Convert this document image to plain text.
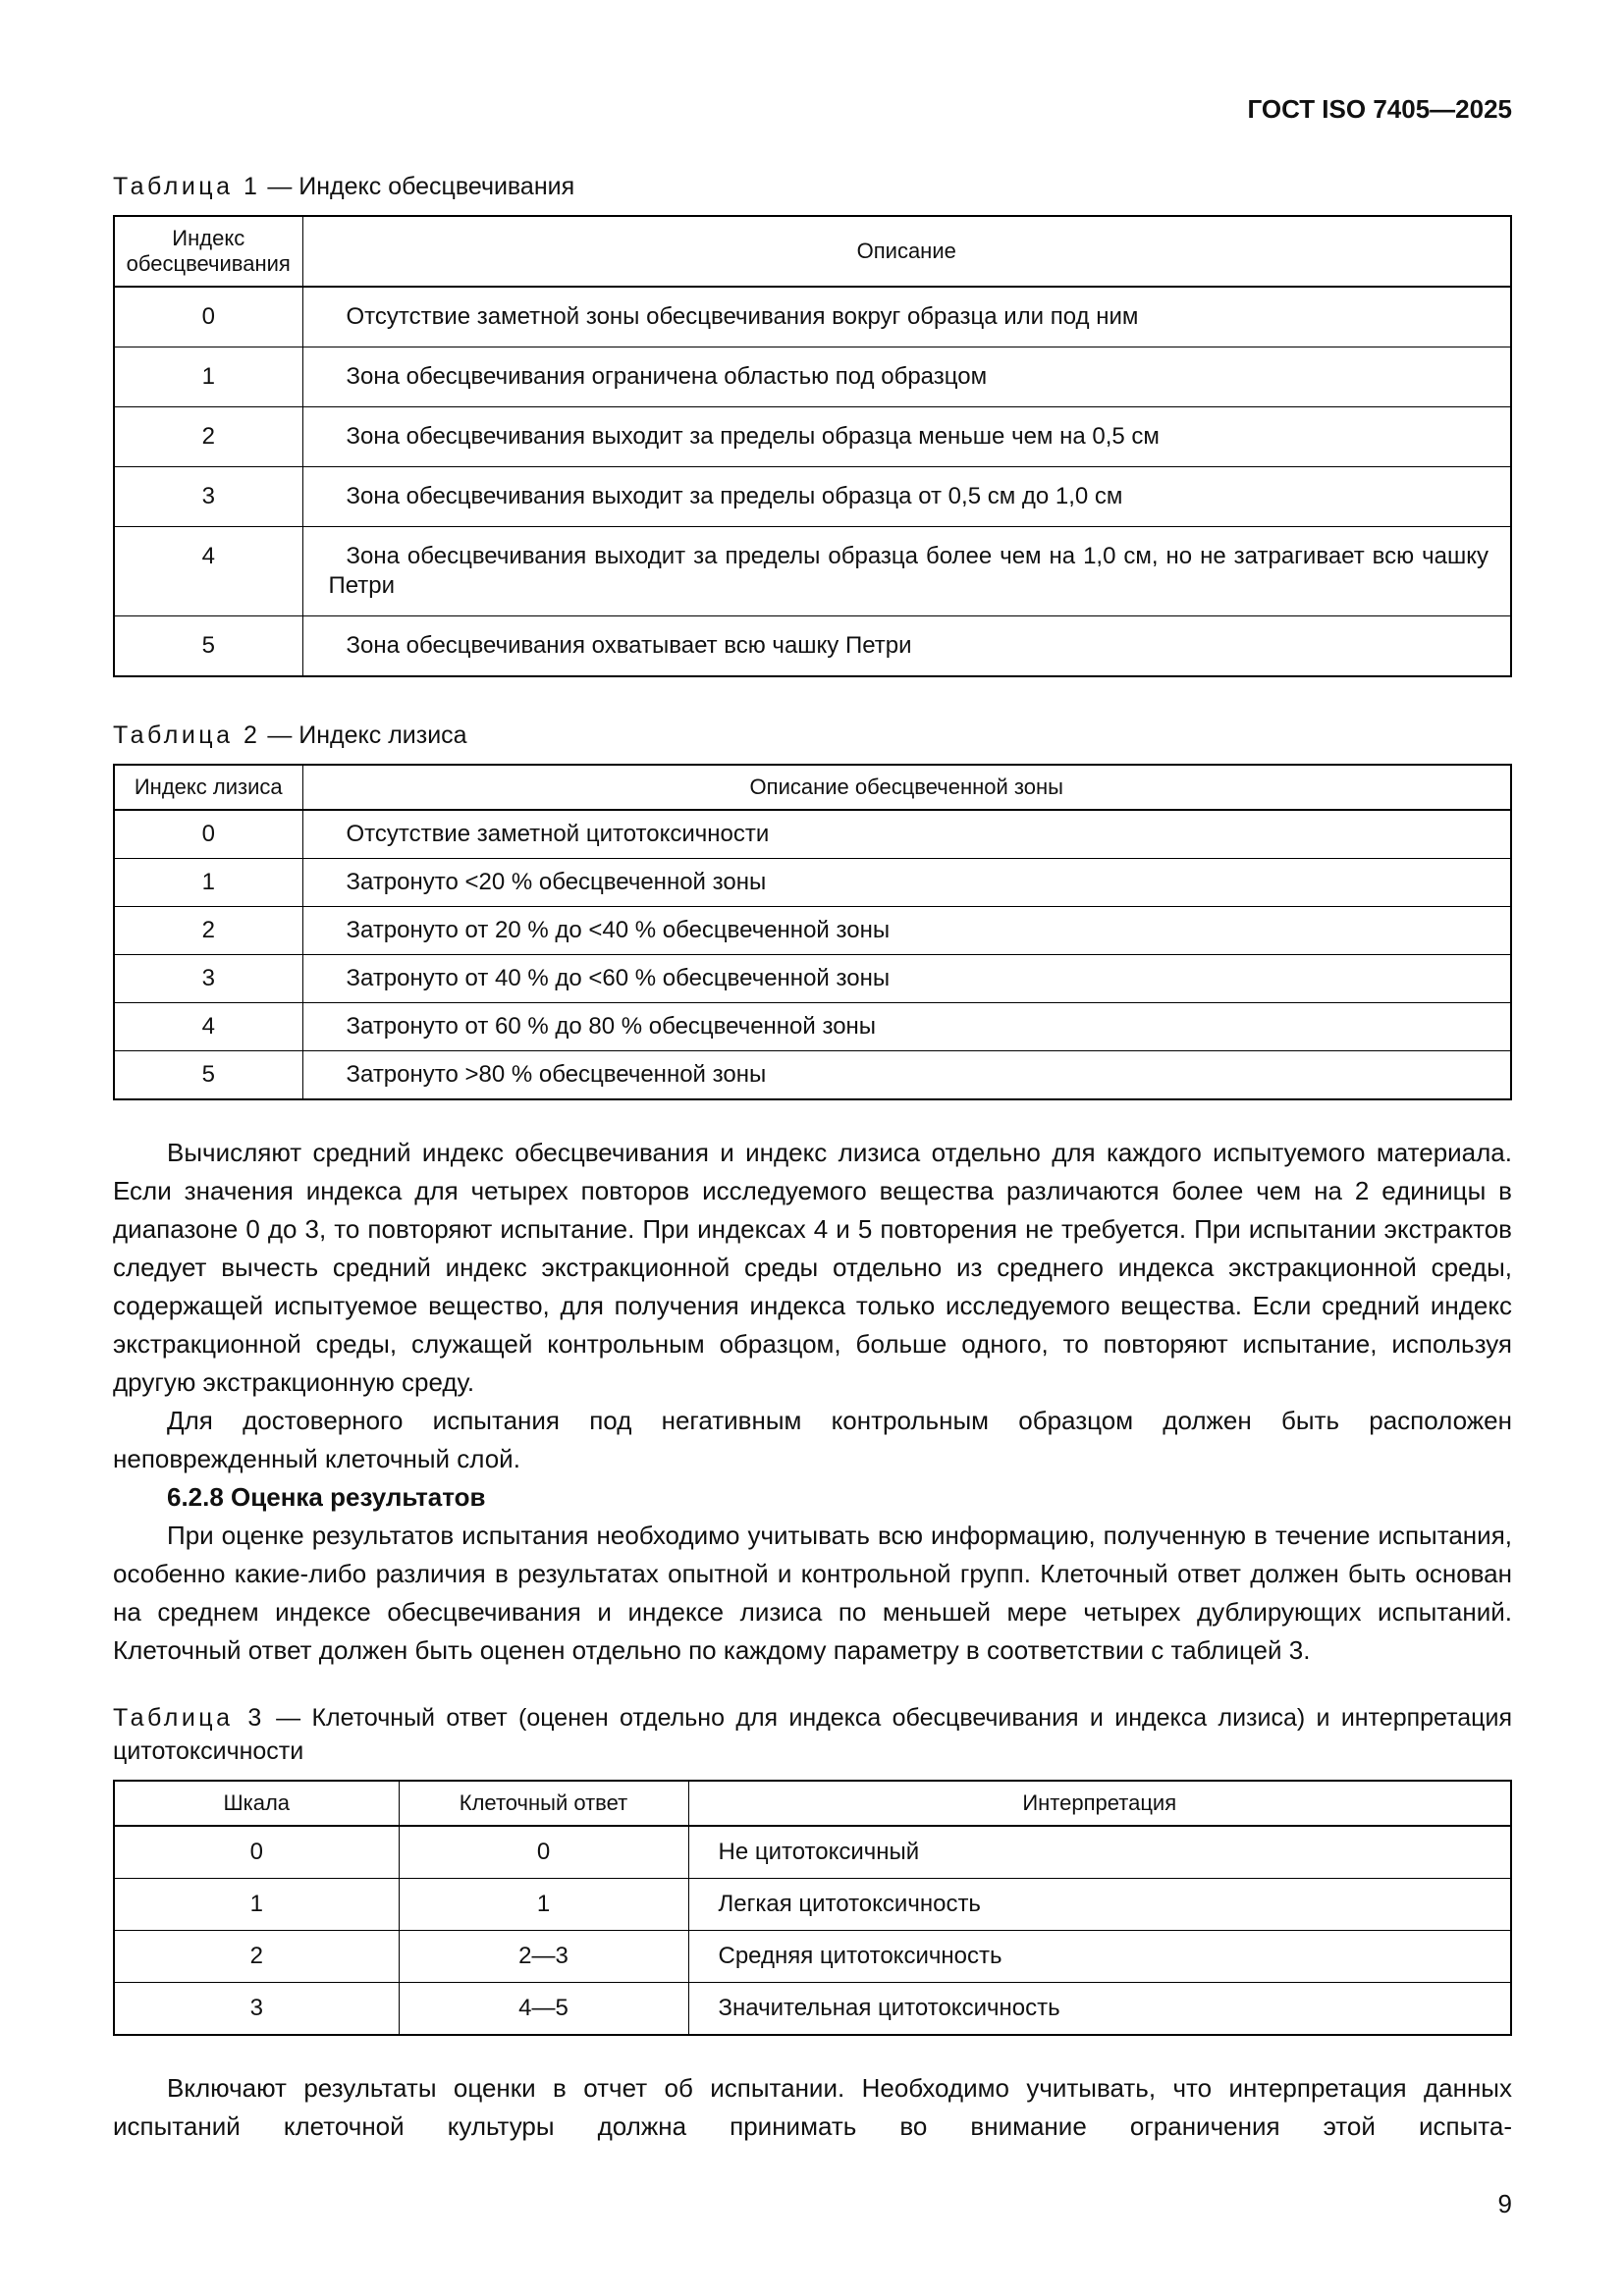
ГОСТ ISO 7405—2025

Таблица 1 — Индекс обесцвечивания

Индекс обесцвечивания	Описание
0	Отсутствие заметной зоны обесцвечивания вокруг образца или под ним
1	Зона обесцвечивания ограничена областью под образцом
2	Зона обесцвечивания выходит за пределы образца меньше чем на 0,5 см
3	Зона обесцвечивания выходит за пределы образца от 0,5 см до 1,0 см
4	Зона обесцвечивания выходит за пределы образца более чем на 1,0 см, но не затрагивает всю чашку Петри
5	Зона обесцвечивания охватывает всю чашку Петри

Таблица 2 — Индекс лизиса

Индекс лизиса	Описание обесцвеченной зоны
0	Отсутствие заметной цитотоксичности
1	Затронуто <20 % обесцвеченной зоны
2	Затронуто от 20 % до <40 % обесцвеченной зоны
3	Затронуто от 40 % до <60 % обесцвеченной зоны
4	Затронуто от 60 % до 80 % обесцвеченной зоны
5	Затронуто >80 % обесцвеченной зоны

Вычисляют средний индекс обесцвечивания и индекс лизиса отдельно для каждого испытуемого материала. Если значения индекса для четырех повторов исследуемого вещества различаются более чем на 2 единицы в диапазоне 0 до 3, то повторяют испытание. При индексах 4 и 5 повторения не требуется. При испытании экстрактов следует вычесть средний индекс экстракционной среды отдельно из среднего индекса экстракционной среды, содержащей испытуемое вещество, для получения индекса только исследуемого вещества. Если средний индекс экстракционной среды, служащей контрольным образцом, больше одного, то повторяют испытание, используя другую экстракционную среду.

Для достоверного испытания под негативным контрольным образцом должен быть расположен неповрежденный клеточный слой.

6.2.8 Оценка результатов

При оценке результатов испытания необходимо учитывать всю информацию, полученную в течение испытания, особенно какие-либо различия в результатах опытной и контрольной групп. Клеточный ответ должен быть основан на среднем индексе обесцвечивания и индексе лизиса по меньшей мере четырех дублирующих испытаний. Клеточный ответ должен быть оценен отдельно по каждому параметру в соответствии с таблицей 3.

Таблица 3 — Клеточный ответ (оценен отдельно для индекса обесцвечивания и индекса лизиса) и интерпретация цитотоксичности

Шкала	Клеточный ответ	Интерпретация
0	0	Не цитотоксичный
1	1	Легкая цитотоксичность
2	2—3	Средняя цитотоксичность
3	4—5	Значительная цитотоксичность

Включают результаты оценки в отчет об испытании. Необходимо учитывать, что интерпретация данных испытаний клеточной культуры должна принимать во внимание ограничения этой испыта-

9
